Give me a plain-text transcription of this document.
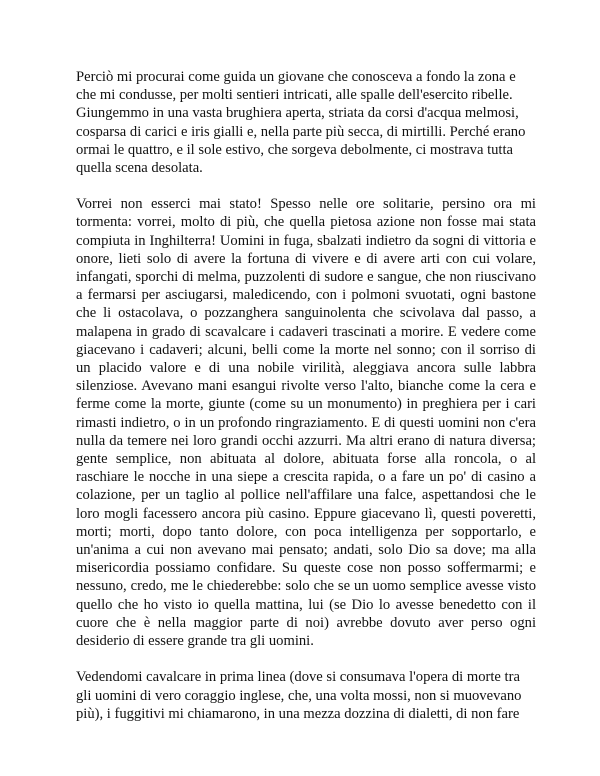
Perciò mi procurai come guida un giovane che conosceva a fondo la zona e che mi condusse, per molti sentieri intricati, alle spalle dell'esercito ribelle. Giungemmo in una vasta brughiera aperta, striata da corsi d'acqua melmosi, cosparsa di carici e iris gialli e, nella parte più secca, di mirtilli. Perché erano ormai le quattro, e il sole estivo, che sorgeva debolmente, ci mostrava tutta quella scena desolata.

Vorrei non esserci mai stato! Spesso nelle ore solitarie, persino ora mi tormenta: vorrei, molto di più, che quella pietosa azione non fosse mai stata compiuta in Inghilterra! Uomini in fuga, sbalzati indietro da sogni di vittoria e onore, lieti solo di avere la fortuna di vivere e di avere arti con cui volare, infangati, sporchi di melma, puzzolenti di sudore e sangue, che non riuscivano a fermarsi per asciugarsi, maledicendo, con i polmoni svuotati, ogni bastone che li ostacolava, o pozzanghera sanguinolenta che scivolava dal passo, a malapena in grado di scavalcare i cadaveri trascinati a morire. E vedere come giacevano i cadaveri; alcuni, belli come la morte nel sonno; con il sorriso di un placido valore e di una nobile virilità, aleggiava ancora sulle labbra silenziose. Avevano mani esangui rivolte verso l'alto, bianche come la cera e ferme come la morte, giunte (come su un monumento) in preghiera per i cari rimasti indietro, o in un profondo ringraziamento. E di questi uomini non c'era nulla da temere nei loro grandi occhi azzurri. Ma altri erano di natura diversa; gente semplice, non abituata al dolore, abituata forse alla roncola, o al raschiare le nocche in una siepe a crescita rapida, o a fare un po' di casino a colazione, per un taglio al pollice nell'affilare una falce, aspettandosi che le loro mogli facessero ancora più casino. Eppure giacevano lì, questi poveretti, morti; morti, dopo tanto dolore, con poca intelligenza per sopportarlo, e un'anima a cui non avevano mai pensato; andati, solo Dio sa dove; ma alla misericordia possiamo confidare. Su queste cose non posso soffermarmi; e nessuno, credo, me le chiederebbe: solo che se un uomo semplice avesse visto quello che ho visto io quella mattina, lui (se Dio lo avesse benedetto con il cuore che è nella maggior parte di noi) avrebbe dovuto aver perso ogni desiderio di essere grande tra gli uomini.

Vedendomi cavalcare in prima linea (dove si consumava l'opera di morte tra gli uomini di vero coraggio inglese, che, una volta mossi, non si muovevano più), i fuggitivi mi chiamarono, in una mezza dozzina di dialetti, di non fare
